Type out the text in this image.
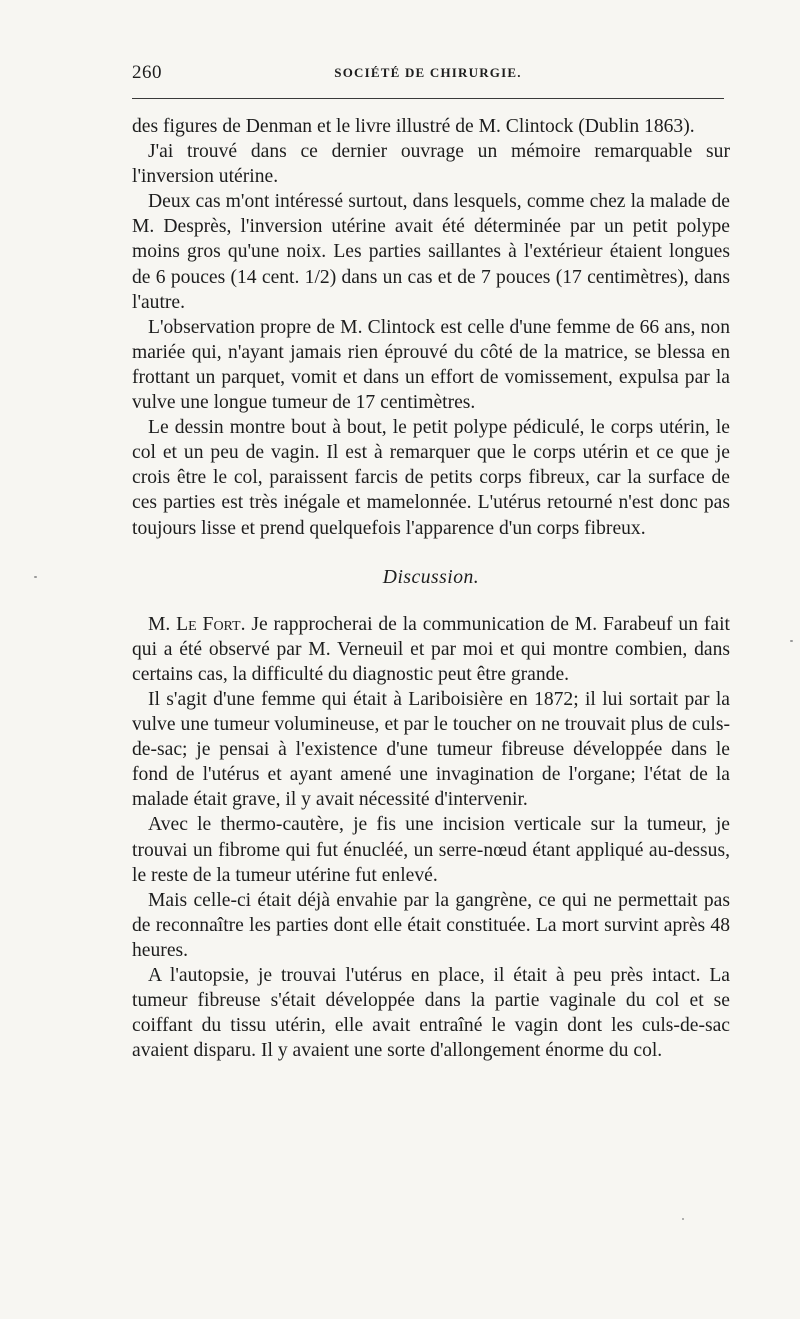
260	SOCIÉTÉ DE CHIRURGIE.

des figures de Denman et le livre illustré de M. Clintock (Dublin 1863).

J'ai trouvé dans ce dernier ouvrage un mémoire remarquable sur l'inversion utérine.

Deux cas m'ont intéressé surtout, dans lesquels, comme chez la malade de M. Desprès, l'inversion utérine avait été déterminée par un petit polype moins gros qu'une noix. Les parties saillantes à l'extérieur étaient longues de 6 pouces (14 cent. 1/2) dans un cas et de 7 pouces (17 centimètres), dans l'autre.

L'observation propre de M. Clintock est celle d'une femme de 66 ans, non mariée qui, n'ayant jamais rien éprouvé du côté de la matrice, se blessa en frottant un parquet, vomit et dans un effort de vomissement, expulsa par la vulve une longue tumeur de 17 centimètres.

Le dessin montre bout à bout, le petit polype pédiculé, le corps utérin, le col et un peu de vagin. Il est à remarquer que le corps utérin et ce que je crois être le col, paraissent farcis de petits corps fibreux, car la surface de ces parties est très inégale et mamelonnée. L'utérus retourné n'est donc pas toujours lisse et prend quelquefois l'apparence d'un corps fibreux.

Discussion.

M. Le Fort. Je rapprocherai de la communication de M. Farabeuf un fait qui a été observé par M. Verneuil et par moi et qui montre combien, dans certains cas, la difficulté du diagnostic peut être grande.

Il s'agit d'une femme qui était à Lariboisière en 1872; il lui sortait par la vulve une tumeur volumineuse, et par le toucher on ne trouvait plus de culs-de-sac; je pensai à l'existence d'une tumeur fibreuse développée dans le fond de l'utérus et ayant amené une invagination de l'organe; l'état de la malade était grave, il y avait nécessité d'intervenir.

Avec le thermo-cautère, je fis une incision verticale sur la tumeur, je trouvai un fibrome qui fut énucléé, un serre-nœud étant appliqué au-dessus, le reste de la tumeur utérine fut enlevé.

Mais celle-ci était déjà envahie par la gangrène, ce qui ne permettait pas de reconnaître les parties dont elle était constituée. La mort survint après 48 heures.

A l'autopsie, je trouvai l'utérus en place, il était à peu près intact. La tumeur fibreuse s'était développée dans la partie vaginale du col et se coiffant du tissu utérin, elle avait entraîné le vagin dont les culs-de-sac avaient disparu. Il y avaient une sorte d'allongement énorme du col.
